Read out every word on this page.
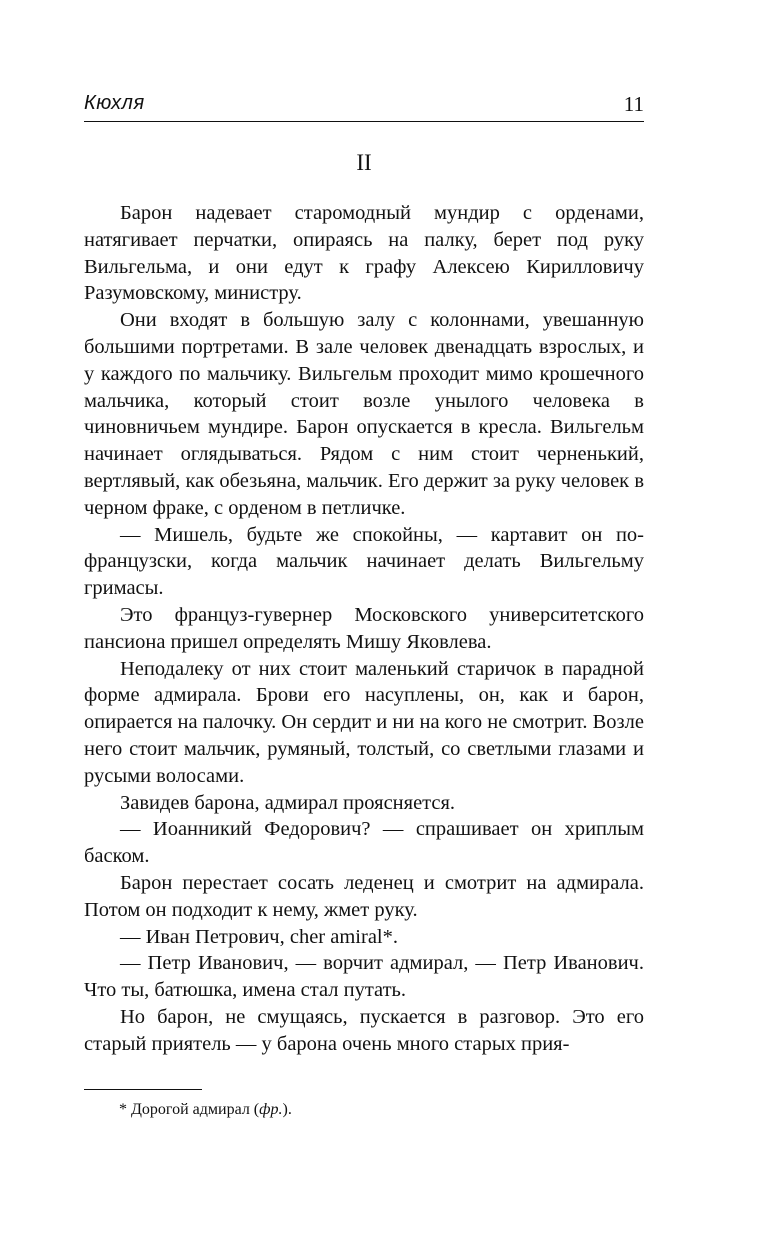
Кюхля	11
II

Барон надевает старомодный мундир с орденами, натягивает перчатки, опираясь на палку, берет под руку Вильгельма, и они едут к графу Алексею Кирилловичу Разумовскому, министру.

Они входят в большую залу с колоннами, увешанную большими портретами. В зале человек двенадцать взрослых, и у каждого по мальчику. Вильгельм проходит мимо крошечного мальчика, который стоит возле унылого человека в чиновничьем мундире. Барон опускается в кресла. Вильгельм начинает оглядываться. Рядом с ним стоит черненький, вертлявый, как обезьяна, мальчик. Его держит за руку человек в черном фраке, с орденом в петличке.

— Мишель, будьте же спокойны, — картавит он по-французски, когда мальчик начинает делать Вильгельму гримасы.

Это француз-гувернер Московского университетского пансиона пришел определять Мишу Яковлева.

Неподалеку от них стоит маленький старичок в парадной форме адмирала. Брови его насуплены, он, как и барон, опирается на палочку. Он сердит и ни на кого не смотрит. Возле него стоит мальчик, румяный, толстый, со светлыми глазами и русыми волосами.

Завидев барона, адмирал проясняется.

— Иоанникий Федорович? — спрашивает он хриплым баском.

Барон перестает сосать леденец и смотрит на адмирала. Потом он подходит к нему, жмет руку.

— Иван Петрович, cher amiral*.

— Петр Иванович, — ворчит адмирал, — Петр Иванович. Что ты, батюшка, имена стал путать.

Но барон, не смущаясь, пускается в разговор. Это его старый приятель — у барона очень много старых прия-

* Дорогой адмирал (фр.).
